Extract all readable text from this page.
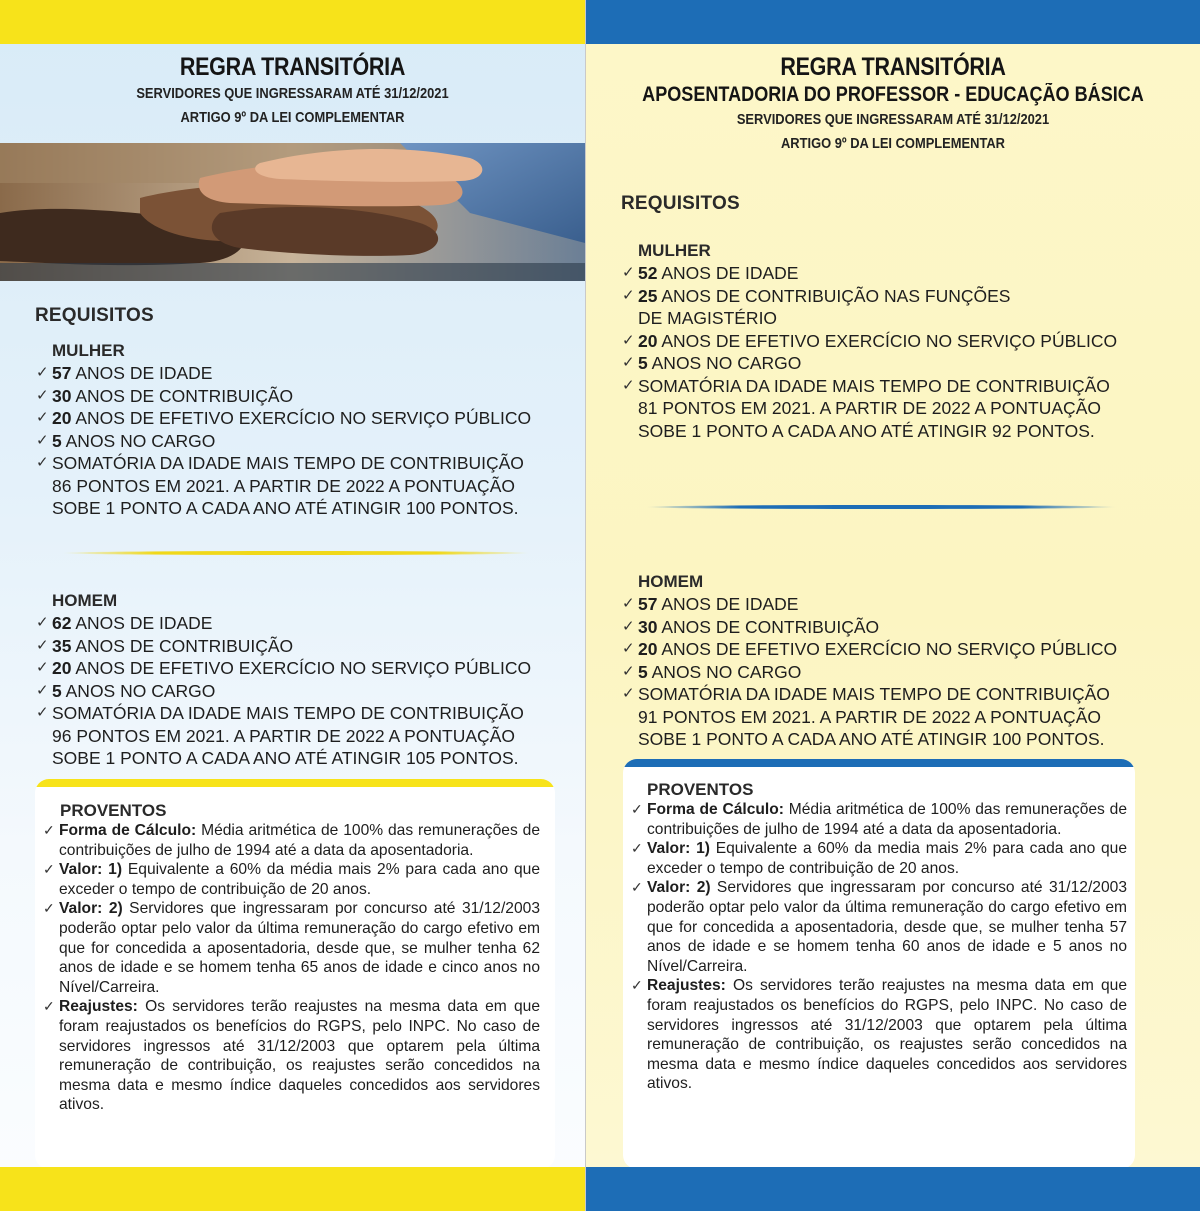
REGRA TRANSITÓRIA
SERVIDORES QUE INGRESSARAM ATÉ 31/12/2021
ARTIGO 9º DA LEI COMPLEMENTAR
REQUISITOS
MULHER
✓ 57 ANOS DE IDADE
✓ 30 ANOS DE CONTRIBUIÇÃO
✓ 20 ANOS DE EFETIVO EXERCÍCIO NO SERVIÇO PÚBLICO
✓ 5 ANOS NO CARGO
✓ SOMATÓRIA DA IDADE MAIS TEMPO DE CONTRIBUIÇÃO
86 PONTOS EM 2021. A PARTIR DE 2022 A PONTUAÇÃO
SOBE 1 PONTO A CADA ANO ATÉ ATINGIR 100 PONTOS.
HOMEM
✓ 62 ANOS DE IDADE
✓ 35 ANOS DE CONTRIBUIÇÃO
✓ 20 ANOS DE EFETIVO EXERCÍCIO NO SERVIÇO PÚBLICO
✓ 5 ANOS NO CARGO
✓ SOMATÓRIA DA IDADE MAIS TEMPO DE CONTRIBUIÇÃO
96 PONTOS EM 2021. A PARTIR DE 2022 A PONTUAÇÃO
SOBE 1 PONTO A CADA ANO ATÉ ATINGIR 105 PONTOS.
PROVENTOS
✓ Forma de Cálculo: Média aritmética de 100% das remunerações de contribuições de julho de 1994 até a data da aposentadoria.
✓ Valor: 1) Equivalente a 60% da média mais 2% para cada ano que exceder o tempo de contribuição de 20 anos.
✓ Valor: 2) Servidores que ingressaram por concurso até 31/12/2003 poderão optar pelo valor da última remuneração do cargo efetivo em que for concedida a aposentadoria, desde que, se mulher tenha 62 anos de idade e se homem tenha 65 anos de idade e cinco anos no Nível/Carreira.
✓ Reajustes: Os servidores terão reajustes na mesma data em que foram reajustados os benefícios do RGPS, pelo INPC. No caso de servidores ingressos até 31/12/2003 que optarem pela última remuneração de contribuição, os reajustes serão concedidos na mesma data e mesmo índice daqueles concedidos aos servidores ativos.
REGRA TRANSITÓRIA
APOSENTADORIA DO PROFESSOR - EDUCAÇÃO BÁSICA
SERVIDORES QUE INGRESSARAM ATÉ 31/12/2021
ARTIGO 9º DA LEI COMPLEMENTAR
REQUISITOS
MULHER
✓ 52 ANOS DE IDADE
✓ 25 ANOS DE CONTRIBUIÇÃO NAS FUNÇÕES
DE MAGISTÉRIO
✓ 20 ANOS DE EFETIVO EXERCÍCIO NO SERVIÇO PÚBLICO
✓ 5 ANOS NO CARGO
✓ SOMATÓRIA DA IDADE MAIS TEMPO DE CONTRIBUIÇÃO
81 PONTOS EM 2021. A PARTIR DE 2022 A PONTUAÇÃO
SOBE 1 PONTO A CADA ANO ATÉ ATINGIR 92 PONTOS.
HOMEM
✓ 57 ANOS DE IDADE
✓ 30 ANOS DE CONTRIBUIÇÃO
✓ 20 ANOS DE EFETIVO EXERCÍCIO NO SERVIÇO PÚBLICO
✓ 5 ANOS NO CARGO
✓ SOMATÓRIA DA IDADE MAIS TEMPO DE CONTRIBUIÇÃO
91 PONTOS EM 2021. A PARTIR DE 2022 A PONTUAÇÃO
SOBE 1 PONTO A CADA ANO ATÉ ATINGIR 100 PONTOS.
PROVENTOS
✓ Forma de Cálculo: Média aritmética de 100% das remunerações de contribuições de julho de 1994 até a data da aposentadoria.
✓ Valor: 1) Equivalente a 60% da media mais 2% para cada ano que exceder o tempo de contribuição de 20 anos.
✓ Valor: 2) Servidores que ingressaram por concurso até 31/12/2003 poderão optar pelo valor da última remuneração do cargo efetivo em que for concedida a aposentadoria, desde que, se mulher tenha 57 anos de idade e se homem tenha 60 anos de idade e 5 anos no Nível/Carreira.
✓ Reajustes: Os servidores terão reajustes na mesma data em que foram reajustados os benefícios do RGPS, pelo INPC. No caso de servidores ingressos até 31/12/2003 que optarem pela última remuneração de contribuição, os reajustes serão concedidos na mesma data e mesmo índice daqueles concedidos aos servidores ativos.
